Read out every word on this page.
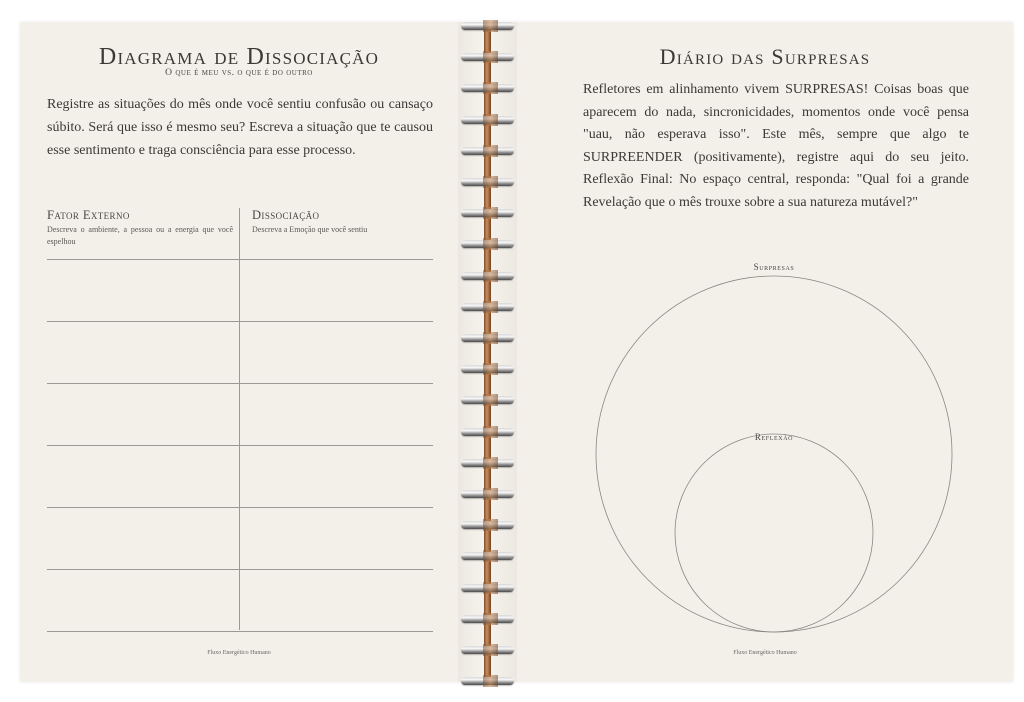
Diagrama de Dissociação
O que é meu vs. o que é do outro
Registre as situações do mês onde você sentiu confusão ou cansaço súbito. Será que isso é mesmo seu? Escreva a situação que te causou esse sentimento e traga consciência para esse processo.
Fator Externo
Descreva o ambiente, a pessoa ou a energia que você espelhou
Dissociação
Descreva a Emoção que você sentiu
Fluxo Energético Humano
Diário das Surpresas
Refletores em alinhamento vivem SURPRESAS! Coisas boas que aparecem do nada, sincronicidades, momentos onde você pensa "uau, não esperava isso". Este mês, sempre que algo te SURPREENDER (positivamente), registre aqui do seu jeito. Reflexão Final: No espaço central, responda: "Qual foi a grande Revelação que o mês trouxe sobre a sua natureza mutável?"
Surpresas
Reflexão
Fluxo Energético Humano
